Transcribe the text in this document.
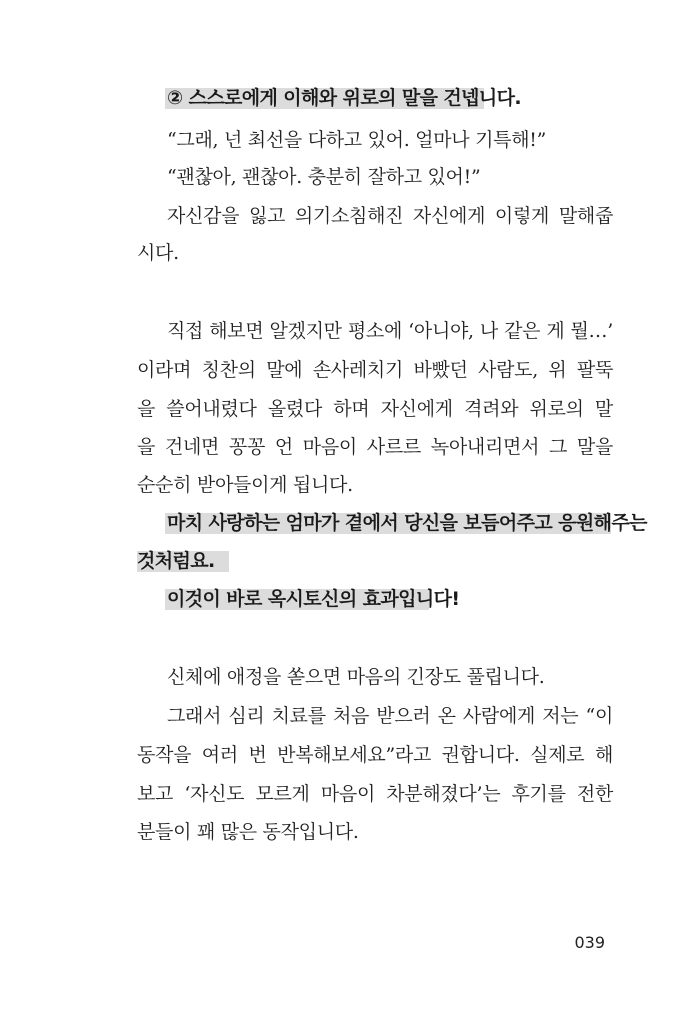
② 스스로에게 이해와 위로의 말을 건넵니다.
“그래, 넌 최선을 다하고 있어. 얼마나 기특해!”
“괜찮아, 괜찮아. 충분히 잘하고 있어!”
자신감을 잃고 의기소침해진 자신에게 이렇게 말해줍
시다.
직접 해보면 알겠지만 평소에 ‘아니야, 나 같은 게 뭘…’
이라며 칭찬의 말에 손사레치기 바빴던 사람도, 위 팔뚝
을 쓸어내렸다 올렸다 하며 자신에게 격려와 위로의 말
을 건네면 꽁꽁 언 마음이 사르르 녹아내리면서 그 말을
순순히 받아들이게 됩니다.
마치 사랑하는 엄마가 곁에서 당신을 보듬어주고 응원해주는
것처럼요.
이것이 바로 옥시토신의 효과입니다!
신체에 애정을 쏟으면 마음의 긴장도 풀립니다.
그래서 심리 치료를 처음 받으러 온 사람에게 저는 “이
동작을 여러 번 반복해보세요”라고 권합니다. 실제로 해
보고 ‘자신도 모르게 마음이 차분해졌다’는 후기를 전한
분들이 꽤 많은 동작입니다.
039
